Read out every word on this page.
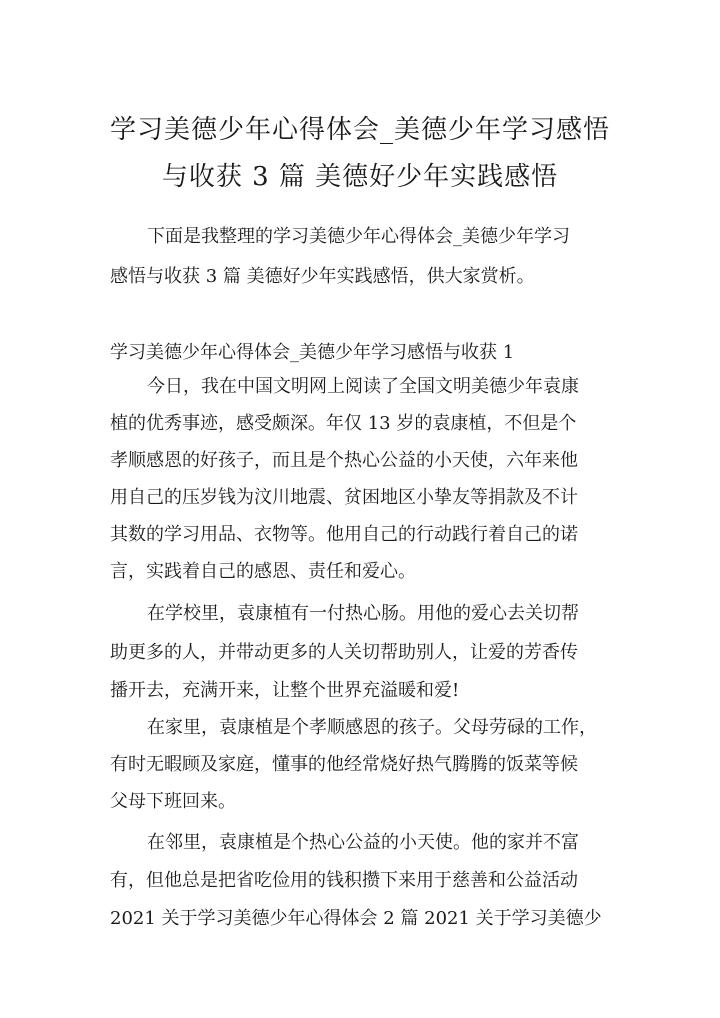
学习美德少年心得体会_美德少年学习感悟
与收获 3 篇 美德好少年实践感悟

下面是我整理的学习美德少年心得体会_美德少年学习

感悟与收获 3 篇 美德好少年实践感悟，供大家赏析。

学习美德少年心得体会_美德少年学习感悟与收获 1

今日，我在中国文明网上阅读了全国文明美德少年袁康

植的优秀事迹，感受颇深。年仅 13 岁的袁康植，不但是个

孝顺感恩的好孩子，而且是个热心公益的小天使，六年来他

用自己的压岁钱为汶川地震、贫困地区小挚友等捐款及不计

其数的学习用品、衣物等。他用自己的行动践行着自己的诺

言，实践着自己的感恩、责任和爱心。

在学校里，袁康植有一付热心肠。用他的爱心去关切帮

助更多的人，并带动更多的人关切帮助别人，让爱的芳香传

播开去，充满开来，让整个世界充溢暖和爱!

在家里，袁康植是个孝顺感恩的孩子。父母劳碌的工作，

有时无暇顾及家庭，懂事的他经常烧好热气腾腾的饭菜等候

父母下班回来。

在邻里，袁康植是个热心公益的小天使。他的家并不富

有，但他总是把省吃俭用的钱积攒下来用于慈善和公益活动

2021 关于学习美德少年心得体会 2 篇 2021 关于学习美德少
